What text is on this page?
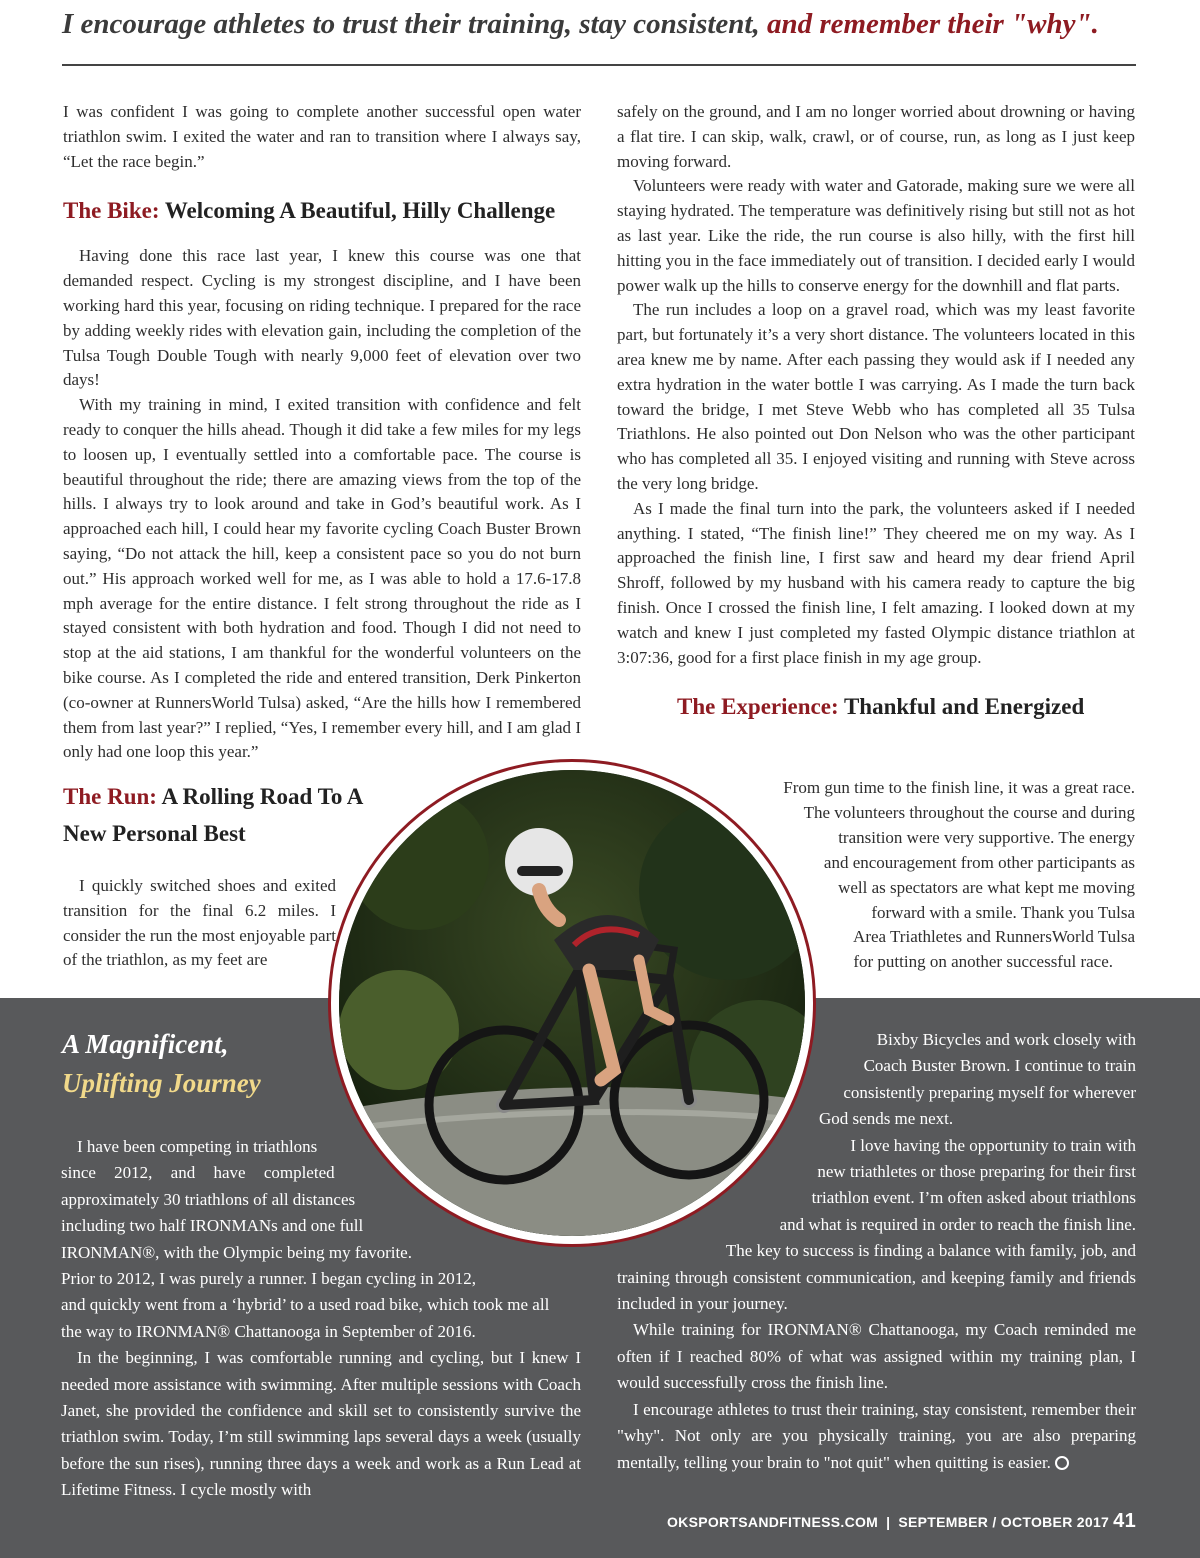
I encourage athletes to trust their training, stay consistent, and remember their "why".

I was confident I was going to complete another successful open water triathlon swim. I exited the water and ran to transition where I always say, “Let the race begin.”

The Bike: Welcoming A Beautiful, Hilly Challenge

Having done this race last year, I knew this course was one that demanded respect. Cycling is my strongest discipline, and I have been working hard this year, focusing on riding technique. I prepared for the race by adding weekly rides with elevation gain, including the completion of the Tulsa Tough Double Tough with nearly 9,000 feet of elevation over two days!

With my training in mind, I exited transition with confidence and felt ready to conquer the hills ahead. Though it did take a few miles for my legs to loosen up, I eventually settled into a comfortable pace. The course is beautiful throughout the ride; there are amazing views from the top of the hills. I always try to look around and take in God’s beautiful work. As I approached each hill, I could hear my favorite cycling Coach Buster Brown saying, “Do not attack the hill, keep a consistent pace so you do not burn out.” His approach worked well for me, as I was able to hold a 17.6-17.8 mph average for the entire distance. I felt strong throughout the ride as I stayed consistent with both hydration and food. Though I did not need to stop at the aid stations, I am thankful for the wonderful volunteers on the bike course. As I completed the ride and entered transition, Derk Pinkerton (co-owner at RunnersWorld Tulsa) asked, “Are the hills how I remembered them from last year?” I replied, “Yes, I remember every hill, and I am glad I only had one loop this year.”

The Run: A Rolling Road To A
New Personal Best

I quickly switched shoes and exited transition for the final 6.2 miles. I consider the run the most enjoyable part of the triathlon, as my feet are

safely on the ground, and I am no longer worried about drowning or having a flat tire. I can skip, walk, crawl, or of course, run, as long as I just keep moving forward.

Volunteers were ready with water and Gatorade, making sure we were all staying hydrated. The temperature was definitively rising but still not as hot as last year. Like the ride, the run course is also hilly, with the first hill hitting you in the face immediately out of transition. I decided early I would power walk up the hills to conserve energy for the downhill and flat parts.

The run includes a loop on a gravel road, which was my least favorite part, but fortunately it’s a very short distance. The volunteers located in this area knew me by name. After each passing they would ask if I needed any extra hydration in the water bottle I was carrying. As I made the turn back toward the bridge, I met Steve Webb who has completed all 35 Tulsa Triathlons. He also pointed out Don Nelson who was the other participant who has completed all 35. I enjoyed visiting and running with Steve across the very long bridge.

As I made the final turn into the park, the volunteers asked if I needed anything. I stated, “The finish line!” They cheered me on my way. As I approached the finish line, I first saw and heard my dear friend April Shroff, followed by my husband with his camera ready to capture the big finish. Once I crossed the finish line, I felt amazing. I looked down at my watch and knew I just completed my fasted Olympic distance triathlon at 3:07:36, good for a first place finish in my age group.

The Experience: Thankful and Energized
From gun time to the finish line, it was a great race.
The volunteers throughout the course and during
transition were very supportive. The energy
and encouragement from other participants as
well as spectators are what kept me moving
forward with a smile. Thank you Tulsa
Area Triathletes and RunnersWorld Tulsa
for putting on another successful race.
A Magnificent,
Uplifting Journey
I have been competing in triathlons
since 2012, and have completed
approximately 30 triathlons of all distances
including two half IRONMANs and one full
IRONMAN®, with the Olympic being my favorite.
Prior to 2012, I was purely a runner. I began cycling in 2012,
and quickly went from a ‘hybrid’ to a used road bike, which took me all
the way to IRONMAN® Chattanooga in September of 2016.

In the beginning, I was comfortable running and cycling, but I knew I needed more assistance with swimming. After multiple sessions with Coach Janet, she provided the confidence and skill set to consistently survive the triathlon swim. Today, I’m still swimming laps several days a week (usually before the sun rises), running three days a week and work as a Run Lead at Lifetime Fitness. I cycle mostly with

Bixby Bicycles and work closely with
Coach Buster Brown. I continue to train
consistently preparing myself for wherever
God sends me next.
I love having the opportunity to train with
new triathletes or those preparing for their first
triathlon event. I’m often asked about triathlons
and what is required in order to reach the finish line.
The key to success is finding a balance with family, job, and

training through consistent communication, and keeping family and friends included in your journey.

While training for IRONMAN® Chattanooga, my Coach reminded me often if I reached 80% of what was assigned within my training plan, I would successfully cross the finish line.

I encourage athletes to trust their training, stay consistent, remember their "why". Not only are you physically training, you are also preparing mentally, telling your brain to "not quit" when quitting is easier.

OKSPORTSANDFITNESS.COM | SEPTEMBER / OCTOBER 2017 41
